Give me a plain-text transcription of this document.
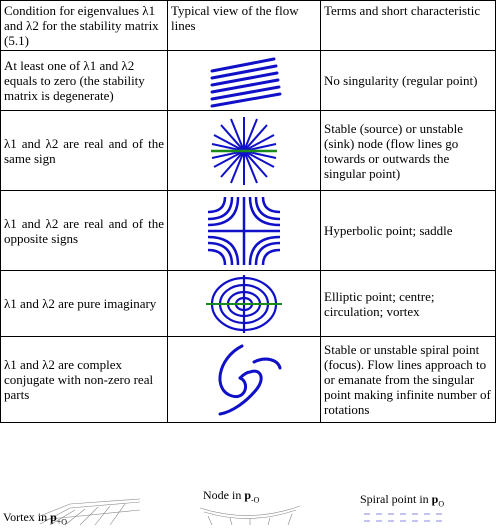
Condition for eigenvalues λ1 and λ2 for the stability matrix (5.1)	Typical view of the flow lines	Terms and short characteristic
At least one of λ1 and λ2 equals to zero (the stability matrix is degenerate)		No singularity (regular point)
λ1 and λ2 are real and of the same sign		Stable (source) or unstable (sink) node (flow lines go towards or outwards the singular point)
λ1 and λ2 are real and of the opposite signs		Hyperbolic point; saddle
λ1 and λ2 are pure imaginary		Elliptic point; centre; circulation; vortex
λ1 and λ2 are complex conjugate with non-zero real parts		Stable or unstable spiral point (focus). Flow lines approach to or emanate from the singular point making infinite number of rotations
Vortex in $p_{+O}$
Node in $p_{-O}$	Spiral point in $p_O$
